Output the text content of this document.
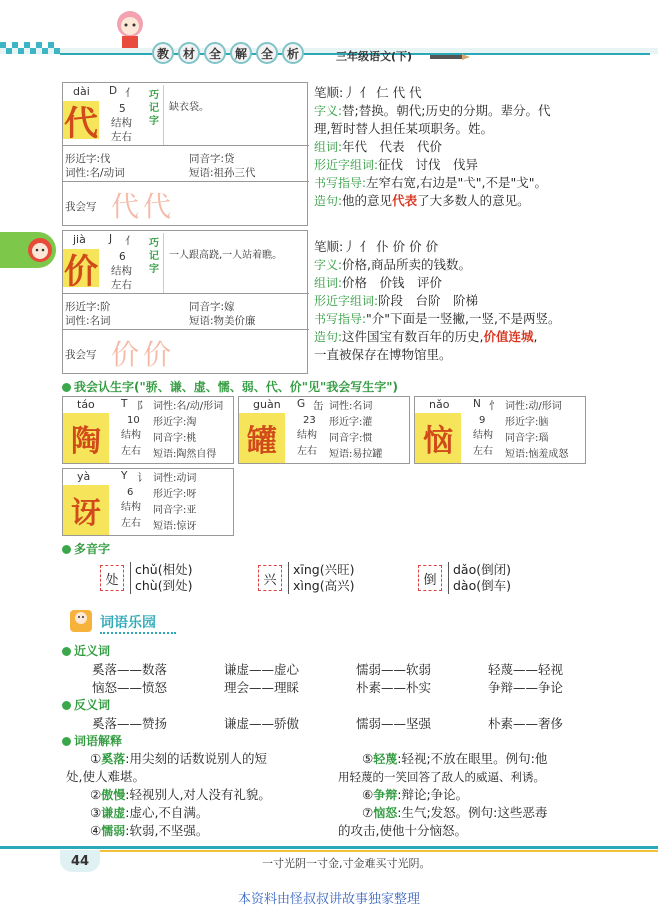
教	材	全	解	全	析	三年级语文(下)
dài
代
D 亻
5
结构
左右
巧记字
缺衣袋。
形近字:伐	同音字:贷
词性:名/动词	短语:祖孙三代
我会写 代代
笔顺:丿 亻 仁 代 代
字义:替;替换。朝代;历史的分期。辈分。代
理,暂时替人担任某项职务。姓。
组词:年代　代表　代价
形近字组词:征伐　讨伐　伐异
书写指导:左窄右宽,右边是"弋",不是"戈"。
造句:他的意见代表了大多数人的意见。
jià
价
J 亻
6
结构
左右
巧记字
一人跟高跷,一人站着瞧。
形近字:阶	同音字:嫁
词性:名词	短语:物美价廉
我会写 价价
笔顺:丿 亻 仆 价 价 价
字义:价格,商品所卖的钱数。
组词:价格　价钱　评价
形近字组词:阶段　台阶　阶梯
书写指导:"介"下面是一竖撇,一竖,不是两竖。
造句:这件国宝有数百年的历史,价值连城,
一直被保存在博物馆里。
我会认生字("骄、谦、虚、懦、弱、代、价"见"我会写生字")
táo
陶
T 阝
10
结构
左右
词性:名/动/形词
形近字:淘
同音字:桃
短语:陶然自得
guàn
罐
G 缶
23
结构
左右
词性:名词
形近字:灌
同音字:惯
短语:易拉罐
nǎo
恼
N 忄
9
结构
左右
词性:动/形词
形近字:脑
同音字:瑙
短语:恼羞成怒
yà
讶
Y 讠
6
结构
左右
词性:动词
形近字:呀
同音字:亚
短语:惊讶
多音字
处
chǔ(相处)
chù(到处)	兴
xīng(兴旺)
xìng(高兴)	倒
dǎo(倒闭)
dào(倒车)
词语乐园
近义词
奚落——数落	谦虚——虚心	懦弱——软弱	轻蔑——轻视
恼怒——愤怒	理会——理睬	朴素——朴实	争辩——争论
反义词
奚落——赞扬	谦虚——骄傲	懦弱——坚强	朴素——奢侈
词语解释
①奚落:用尖刻的话数说别人的短
处,使人难堪。
②傲慢:轻视别人,对人没有礼貌。
③谦虚:虚心,不自满。
④懦弱:软弱,不坚强。
⑤轻蔑:轻视;不放在眼里。例句:他
用轻蔑的一笑回答了敌人的威逼、利诱。
⑥争辩:辩论;争论。
⑦恼怒:生气;发怒。例句:这些恶毒
的攻击,使他十分恼怒。
44	一寸光阴一寸金,寸金难买寸光阴。
本资料由怪叔叔讲故事独家整理
